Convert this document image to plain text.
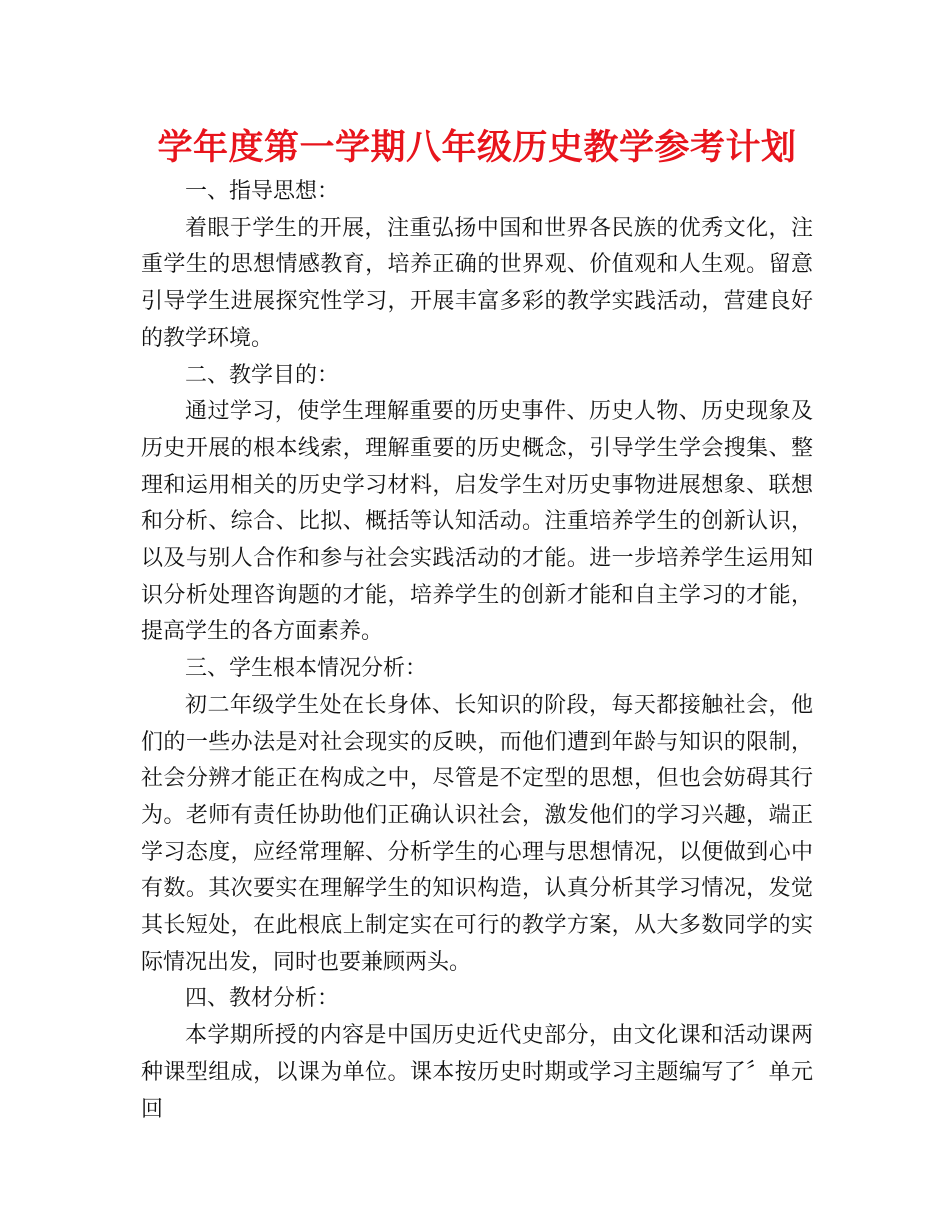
学年度第一学期八年级历史教学参考计划

一、指导思想：

着眼于学生的开展，注重弘扬中国和世界各民族的优秀文化，注重学生的思想情感教育，培养正确的世界观、价值观和人生观。留意引导学生进展探究性学习，开展丰富多彩的教学实践活动，营建良好的教学环境。

二、教学目的：

通过学习，使学生理解重要的历史事件、历史人物、历史现象及历史开展的根本线索，理解重要的历史概念，引导学生学会搜集、整理和运用相关的历史学习材料，启发学生对历史事物进展想象、联想和分析、综合、比拟、概括等认知活动。注重培养学生的创新认识，以及与别人合作和参与社会实践活动的才能。进一步培养学生运用知识分析处理咨询题的才能，培养学生的创新才能和自主学习的才能，提高学生的各方面素养。

三、学生根本情况分析：

初二年级学生处在长身体、长知识的阶段，每天都接触社会，他们的一些办法是对社会现实的反映，而他们遭到年龄与知识的限制，社会分辨才能正在构成之中，尽管是不定型的思想，但也会妨碍其行为。老师有责任协助他们正确认识社会，激发他们的学习兴趣，端正学习态度，应经常理解、分析学生的心理与思想情况，以便做到心中有数。其次要实在理解学生的知识构造，认真分析其学习情况，发觉其长短处，在此根底上制定实在可行的教学方案，从大多数同学的实际情况出发，同时也要兼顾两头。

四、教材分析：

本学期所授的内容是中国历史近代史部分，由文化课和活动课两种课型组成，以课为单位。课本按历史时期或学习主题编写了〞单元回
